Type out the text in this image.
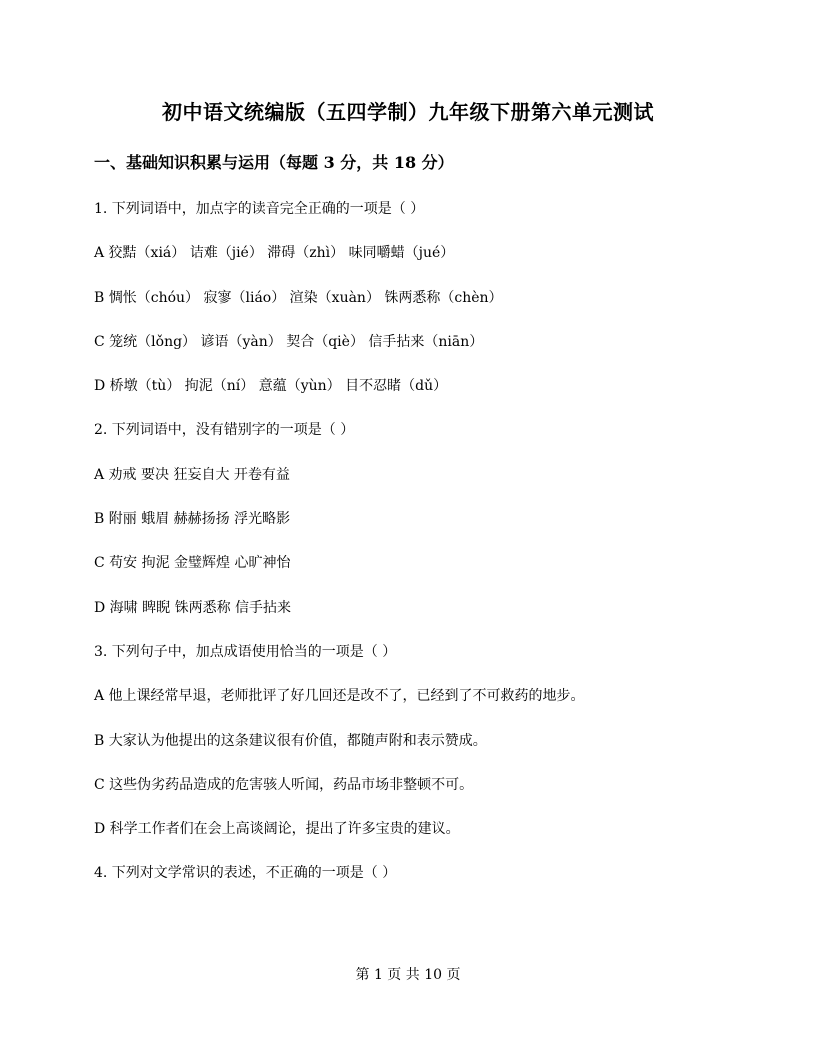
初中语文统编版（五四学制）九年级下册第六单元测试
一、基础知识积累与运用（每题 3 分，共 18 分）
1. 下列词语中，加点字的读音完全正确的一项是（ ）
A 狡黠（xiá） 诘难（jié） 滞碍（zhì） 味同嚼蜡（jué）
B 惆怅（chóu） 寂寥（liáo） 渲染（xuàn） 铢两悉称（chèn）
C 笼统（lǒng） 谚语（yàn） 契合（qiè） 信手拈来（niān）
D 桥墩（tù） 拘泥（ní） 意蕴（yùn） 目不忍睹（dǔ）
2. 下列词语中，没有错别字的一项是（ ）
A 劝戒 要决 狂妄自大 开卷有益
B 附丽 蛾眉 赫赫扬扬 浮光略影
C 苟安 拘泥 金璧辉煌 心旷神怡
D 海啸 睥睨 铢两悉称 信手拈来
3. 下列句子中，加点成语使用恰当的一项是（ ）
A 他上课经常早退，老师批评了好几回还是改不了，已经到了不可救药的地步。
B 大家认为他提出的这条建议很有价值，都随声附和表示赞成。
C 这些伪劣药品造成的危害骇人听闻，药品市场非整顿不可。
D 科学工作者们在会上高谈阔论，提出了许多宝贵的建议。
4. 下列对文学常识的表述，不正确的一项是（ ）
第 1 页 共 10 页
